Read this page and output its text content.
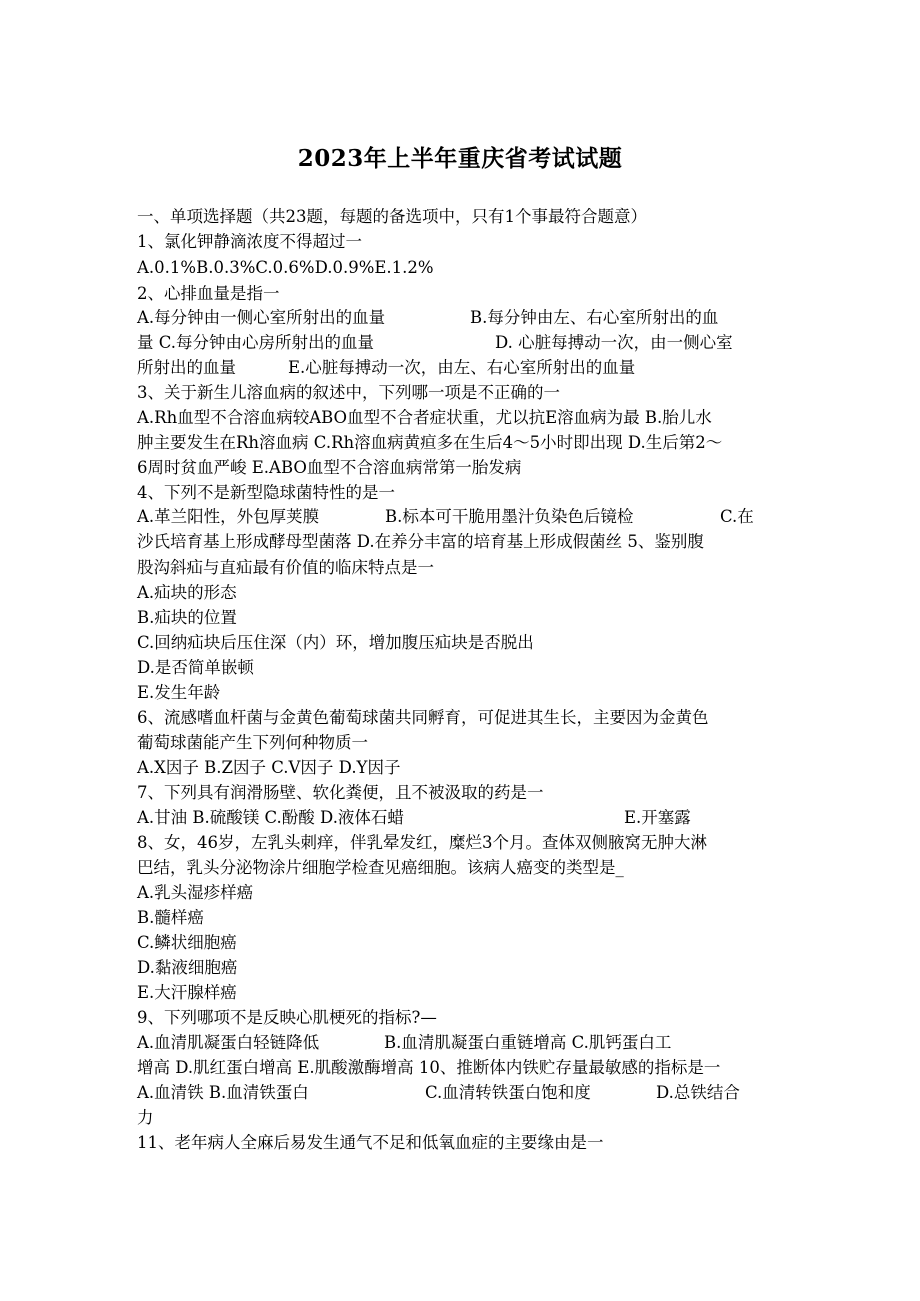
2023年上半年重庆省考试试题
一、单项选择题（共23题，每题的备选项中，只有1个事最符合题意）
1、氯化钾静滴浓度不得超过一
A.0.1%B.0.3%C.0.6%D.0.9%E.1.2%
2、心排血量是指一
A.每分钟由一侧心室所射出的血量	B.每分钟由左、右心室所射出的血
量 C.每分钟由心房所射出的血量	D. 心脏每搏动一次，由一侧心室
所射出的血量	E.心脏每搏动一次，由左、右心室所射出的血量
3、关于新生儿溶血病的叙述中，下列哪一项是不正确的一
A.Rh血型不合溶血病较ABO血型不合者症状重，尤以抗E溶血病为最 B.胎儿水
肿主要发生在Rh溶血病 C.Rh溶血病黄疸多在生后4～5小时即出现 D.生后第2～
6周时贫血严峻 E.ABO血型不合溶血病常第一胎发病
4、下列不是新型隐球菌特性的是一
A.革兰阳性，外包厚荚膜	B.标本可干脆用墨汁负染色后镜检	C.在
沙氏培育基上形成酵母型菌落 D.在养分丰富的培育基上形成假菌丝 5、鉴别腹
股沟斜疝与直疝最有价值的临床特点是一
A.疝块的形态
B.疝块的位置
C.回纳疝块后压住深（内）环，增加腹压疝块是否脱出
D.是否简单嵌顿
E.发生年龄
6、流感嗜血杆菌与金黄色葡萄球菌共同孵育，可促进其生长，主要因为金黄色
葡萄球菌能产生下列何种物质一
A.X因子 B.Z因子 C.V因子 D.Y因子
7、下列具有润滑肠壁、软化粪便，且不被汲取的药是一
A.甘油 B.硫酸镁 C.酚酸 D.液体石蜡	E.开塞露
8、女，46岁，左乳头刺痒，伴乳晕发红，糜烂3个月。查体双侧腋窝无肿大淋
巴结，乳头分泌物涂片细胞学检查见癌细胞。该病人癌变的类型是_
A.乳头湿疹样癌
B.髓样癌
C.鳞状细胞癌
D.黏液细胞癌
E.大汗腺样癌
9、下列哪项不是反映心肌梗死的指标?—
A.血清肌凝蛋白轻链降低	B.血清肌凝蛋白重链增高 C.肌钙蛋白工
增高 D.肌红蛋白增高 E.肌酸激酶增高 10、推断体内铁贮存量最敏感的指标是一
A.血清铁 B.血清铁蛋白	C.血清转铁蛋白饱和度	D.总铁结合
力
11、老年病人全麻后易发生通气不足和低氧血症的主要缘由是一
